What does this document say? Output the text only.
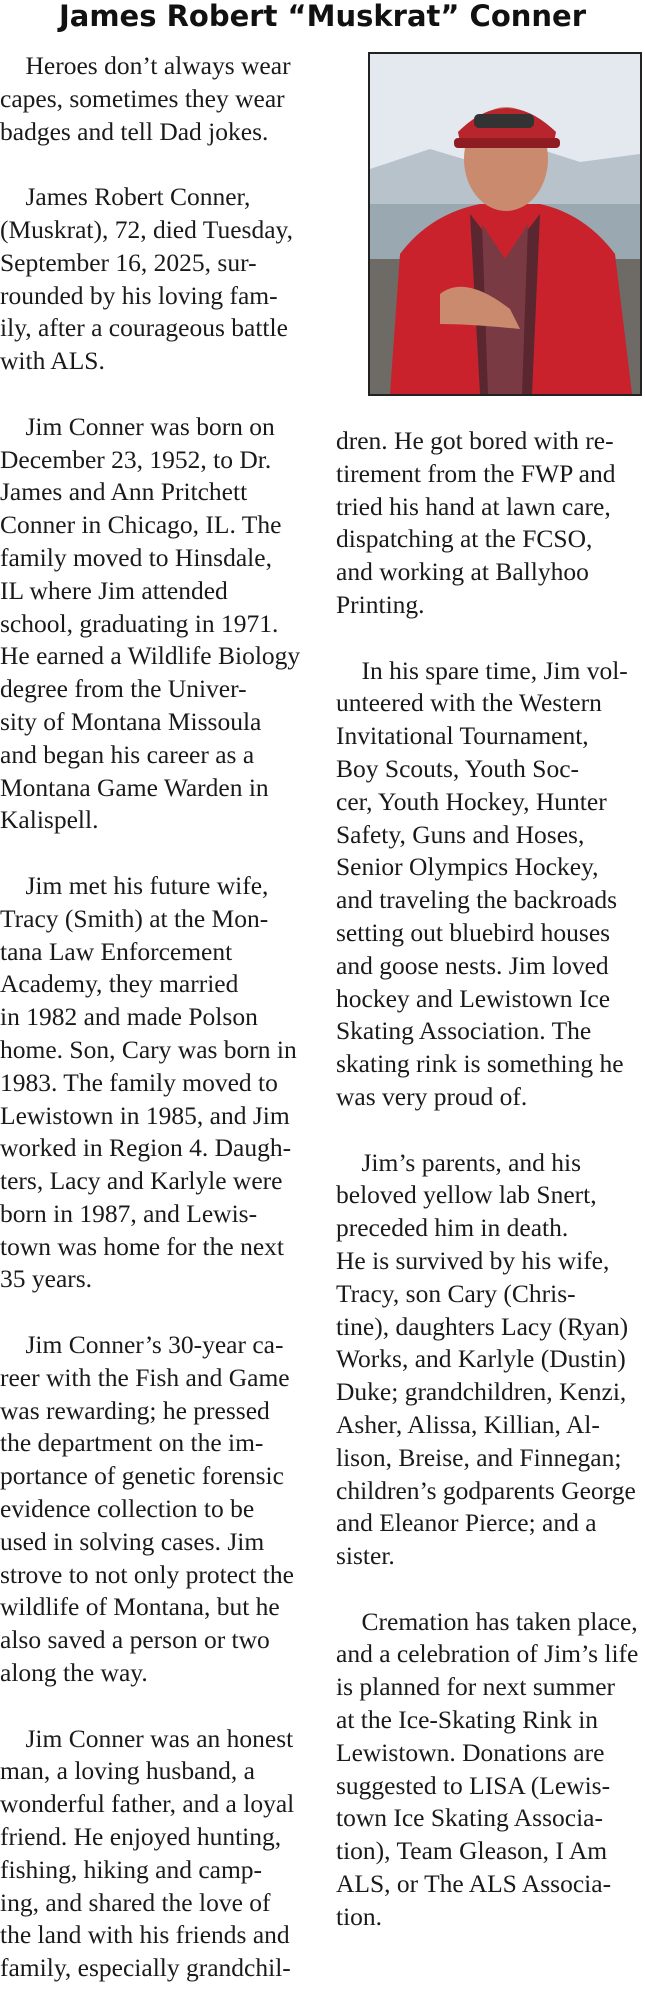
James Robert “Muskrat” Conner
Heroes don’t always wear
capes, sometimes they wear
badges and tell Dad jokes.
James Robert Conner,
(Muskrat), 72, died Tuesday,
September 16, 2025, sur-
rounded by his loving fam-
ily, after a courageous battle
with ALS.
Jim Conner was born on
December 23, 1952, to Dr.
James and Ann Pritchett
Conner in Chicago, IL. The
family moved to Hinsdale,
IL where Jim attended
school, graduating in 1971.
He earned a Wildlife Biology
degree from the Univer-
sity of Montana Missoula
and began his career as a
Montana Game Warden in
Kalispell.
Jim met his future wife,
Tracy (Smith) at the Mon-
tana Law Enforcement
Academy, they married
in 1982 and made Polson
home. Son, Cary was born in
1983. The family moved to
Lewistown in 1985, and Jim
worked in Region 4. Daugh-
ters, Lacy and Karlyle were
born in 1987, and Lewis-
town was home for the next
35 years.
Jim Conner’s 30-year ca-
reer with the Fish and Game
was rewarding; he pressed
the department on the im-
portance of genetic forensic
evidence collection to be
used in solving cases. Jim
strove to not only protect the
wildlife of Montana, but he
also saved a person or two
along the way.
Jim Conner was an honest
man, a loving husband, a
wonderful father, and a loyal
friend. He enjoyed hunting,
fishing, hiking and camp-
ing, and shared the love of
the land with his friends and
family, especially grandchil-
dren. He got bored with re-
tirement from the FWP and
tried his hand at lawn care,
dispatching at the FCSO,
and working at Ballyhoo
Printing.
In his spare time, Jim vol-
unteered with the Western
Invitational Tournament,
Boy Scouts, Youth Soc-
cer, Youth Hockey, Hunter
Safety, Guns and Hoses,
Senior Olympics Hockey,
and traveling the backroads
setting out bluebird houses
and goose nests. Jim loved
hockey and Lewistown Ice
Skating Association. The
skating rink is something he
was very proud of.
Jim’s parents, and his
beloved yellow lab Snert,
preceded him in death.
He is survived by his wife,
Tracy, son Cary (Chris-
tine), daughters Lacy (Ryan)
Works, and Karlyle (Dustin)
Duke; grandchildren, Kenzi,
Asher, Alissa, Killian, Al-
lison, Breise, and Finnegan;
children’s godparents George
and Eleanor Pierce; and a
sister.
Cremation has taken place,
and a celebration of Jim’s life
is planned for next summer
at the Ice-Skating Rink in
Lewistown. Donations are
suggested to LISA (Lewis-
town Ice Skating Associa-
tion), Team Gleason, I Am
ALS, or The ALS Associa-
tion.
